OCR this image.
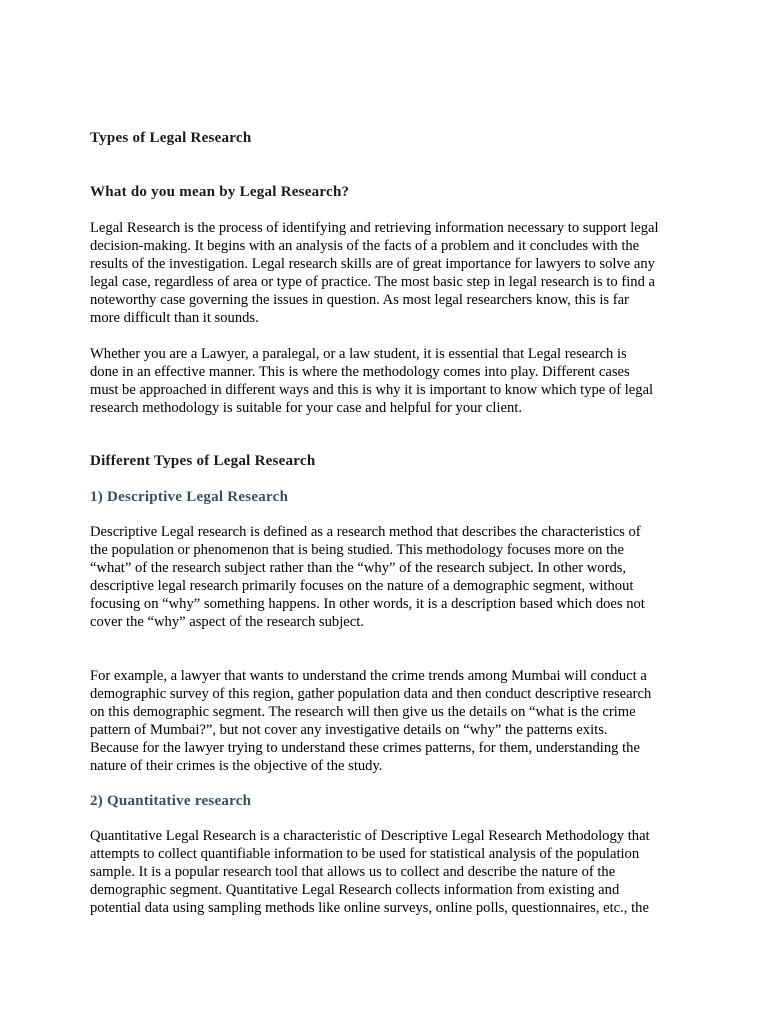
Types of Legal Research
What do you mean by Legal Research?

Legal Research is the process of identifying and retrieving information necessary to support legal
decision-making. It begins with an analysis of the facts of a problem and it concludes with the
results of the investigation. Legal research skills are of great importance for lawyers to solve any
legal case, regardless of area or type of practice. The most basic step in legal research is to find a
noteworthy case governing the issues in question. As most legal researchers know, this is far
more difficult than it sounds.

Whether you are a Lawyer, a paralegal, or a law student, it is essential that Legal research is
done in an effective manner. This is where the methodology comes into play. Different cases
must be approached in different ways and this is why it is important to know which type of legal
research methodology is suitable for your case and helpful for your client.

Different Types of Legal Research
1) Descriptive Legal Research

Descriptive Legal research is defined as a research method that describes the characteristics of
the population or phenomenon that is being studied. This methodology focuses more on the
“what” of the research subject rather than the “why” of the research subject. In other words,
descriptive legal research primarily focuses on the nature of a demographic segment, without
focusing on “why” something happens. In other words, it is a description based which does not
cover the “why” aspect of the research subject.

For example, a lawyer that wants to understand the crime trends among Mumbai will conduct a
demographic survey of this region, gather population data and then conduct descriptive research
on this demographic segment. The research will then give us the details on “what is the crime
pattern of Mumbai?”, but not cover any investigative details on “why” the patterns exits.
Because for the lawyer trying to understand these crimes patterns, for them, understanding the
nature of their crimes is the objective of the study.

2) Quantitative research

Quantitative Legal Research is a characteristic of Descriptive Legal Research Methodology that
attempts to collect quantifiable information to be used for statistical analysis of the population
sample. It is a popular research tool that allows us to collect and describe the nature of the
demographic segment. Quantitative Legal Research collects information from existing and
potential data using sampling methods like online surveys, online polls, questionnaires, etc., the
